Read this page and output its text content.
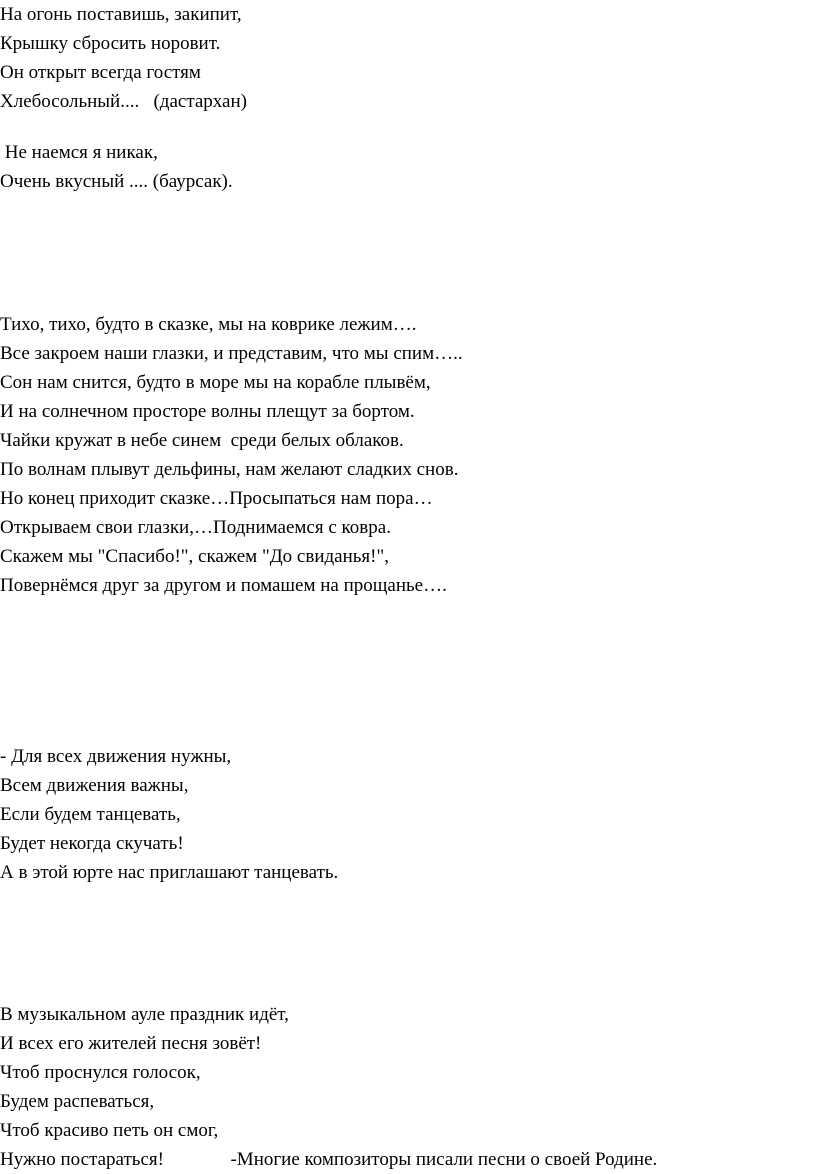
На огонь поставишь, закипит,
Крышку сбросить норовит.
Он открыт всегда гостям
Хлебосольный....   (дастархан)
Не наемся я никак,
Очень вкусный .... (баурсак).
Тихо, тихо, будто в сказке, мы на коврике лежим….
Все закроем наши глазки, и представим, что мы спим…..
Сон нам снится, будто в море мы на корабле плывём,
И на солнечном просторе волны плещут за бортом.
Чайки кружат в небе синем  среди белых облаков.
По волнам плывут дельфины, нам желают сладких снов.
Но конец приходит сказке…Просыпаться нам пора…
Открываем свои глазки,…Поднимаемся с ковра.
Скажем мы "Спасибо!", скажем "До свиданья!",
Повернёмся друг за другом и помашем на прощанье….
- Для всех движения нужны,
Всем движения важны,
Если будем танцевать,
Будет некогда скучать!
А в этой юрте нас приглашают танцевать.
В музыкальном ауле праздник идёт,
И всех его жителей песня зовёт!
Чтоб проснулся голосок,
Будем распеваться,
Чтоб красиво петь он смог,
Нужно постараться!              -Многие композиторы писали песни о своей Родине.
